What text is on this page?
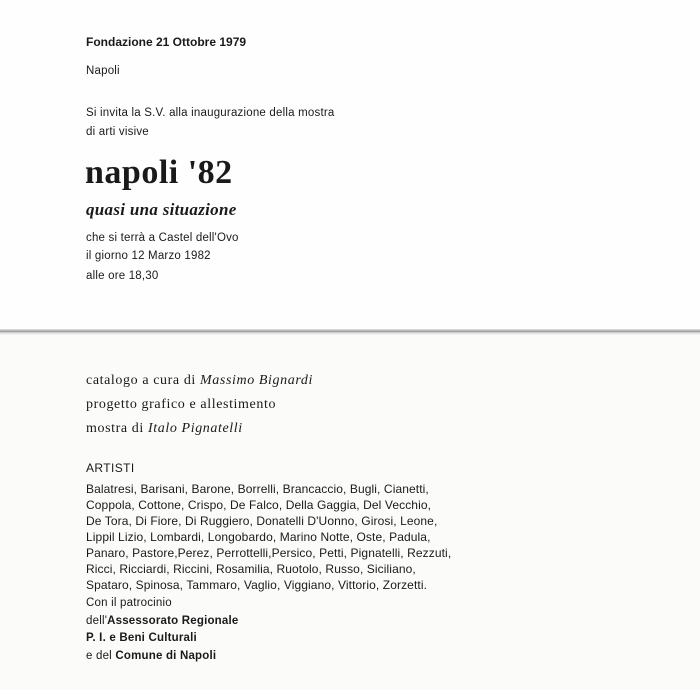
Fondazione 21 Ottobre 1979
Napoli
Si invita la S.V. alla inaugurazione della mostra
di arti visive
napoli '82
quasi una situazione
che si terrà a Castel dell'Ovo
il giorno 12 Marzo 1982
alle ore 18,30
catalogo a cura di Massimo Bignardi
progetto grafico e allestimento
mostra di Italo Pignatelli
ARTISTI
Balatresi, Barisani, Barone, Borrelli, Brancaccio, Bugli, Cianetti,
Coppola, Cottone, Crispo, De Falco, Della Gaggia, Del Vecchio,
De Tora, Di Fiore, Di Ruggiero, Donatelli D'Uonno, Girosi, Leone,
Lippil Lizio, Lombardi, Longobardo, Marino Notte, Oste, Padula,
Panaro, Pastore,Perez, Perrottelli,Persico, Petti, Pignatelli, Rezzuti,
Ricci, Ricciardi, Riccini, Rosamilia, Ruotolo, Russo, Siciliano,
Spataro, Spinosa, Tammaro, Vaglio, Viggiano, Vittorio, Zorzetti.
Con il patrocinio
dell'Assessorato Regionale
P. I. e Beni Culturali
e del Comune di Napoli
